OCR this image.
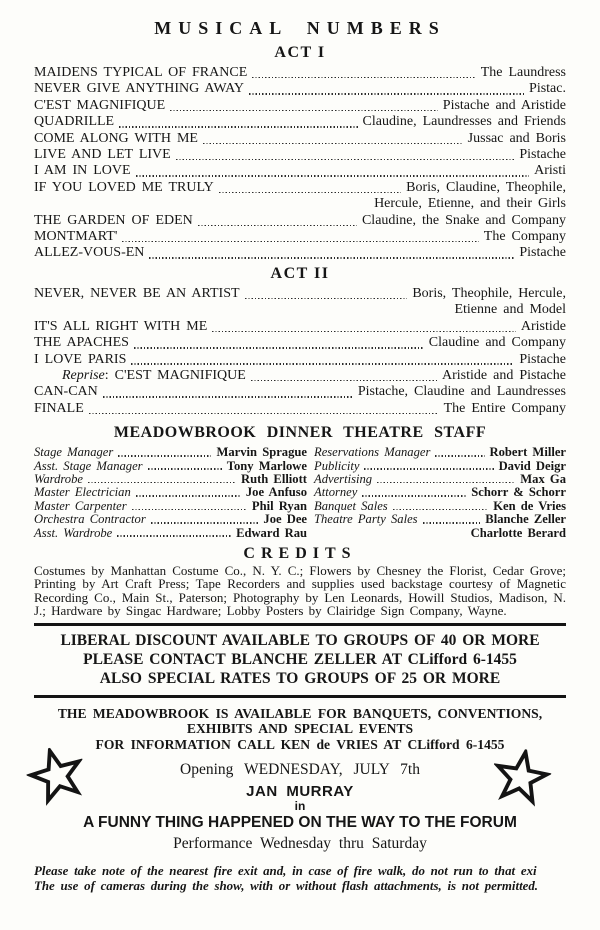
MUSICAL NUMBERS
ACT I
MAIDENS TYPICAL OF FRANCE	The Laundress
NEVER GIVE ANYTHING AWAY	Pistac.
C'EST MAGNIFIQUE	Pistache and Aristide
QUADRILLE	Claudine, Laundresses and Friends
COME ALONG WITH ME	Jussac and Boris
LIVE AND LET LIVE	Pistache
I AM IN LOVE	Aristi
IF YOU LOVED ME TRULY	Boris, Claudine, Theophile,
Hercule, Etienne, and their Girls
THE GARDEN OF EDEN	Claudine, the Snake and Company
MONTMART'	The Company
ALLEZ-VOUS-EN	Pistache
ACT II
NEVER, NEVER BE AN ARTIST	Boris, Theophile, Hercule,
Etienne and Model
IT'S ALL RIGHT WITH ME	Aristide
THE APACHES	Claudine and Company
I LOVE PARIS	Pistache
Reprise: C'EST MAGNIFIQUE	Aristide and Pistache
CAN-CAN	Pistache, Claudine and Laundresses
FINALE	The Entire Company
MEADOWBROOK DINNER THEATRE STAFF
Stage Manager	Marvin Sprague
Asst. Stage Manager	Tony Marlowe
Wardrobe	Ruth Elliott
Master Electrician	Joe Anfuso
Master Carpenter	Phil Ryan
Orchestra Contractor	Joe Dee
Asst. Wardrobe	Edward Rau
Reservations Manager	Robert Miller
Publicity	David Deigr
Advertising	Max Ga
Attorney	Schorr & Schorr
Banquet Sales	Ken de Vries
Theatre Party Sales	Blanche Zeller
Charlotte Berard
CREDITS

Costumes by Manhattan Costume Co., N. Y. C.; Flowers by Chesney the Florist, Cedar Grove; Printing by Art Craft Press; Tape Recorders and supplies used backstage courtesy of Magnetic Recording Co., Main St., Paterson; Photography by Len Leonards, Howill Studios, Madison, N. J.; Hardware by Singac Hardware; Lobby Posters by Clairidge Sign Company, Wayne.

LIBERAL DISCOUNT AVAILABLE TO GROUPS OF 40 OR MORE
PLEASE CONTACT BLANCHE ZELLER AT CLifford 6-1455
ALSO SPECIAL RATES TO GROUPS OF 25 OR MORE
THE MEADOWBROOK IS AVAILABLE FOR BANQUETS, CONVENTIONS,
EXHIBITS AND SPECIAL EVENTS
FOR INFORMATION CALL KEN de VRIES AT CLifford 6-1455
Opening WEDNESDAY, JULY 7th
JAN MURRAY
in
A FUNNY THING HAPPENED ON THE WAY TO THE FORUM
Performance Wednesday thru Saturday
Please take note of the nearest fire exit and, in case of fire walk, do not run to that exi
The use of cameras during the show, with or without flash attachments, is not permitted.
